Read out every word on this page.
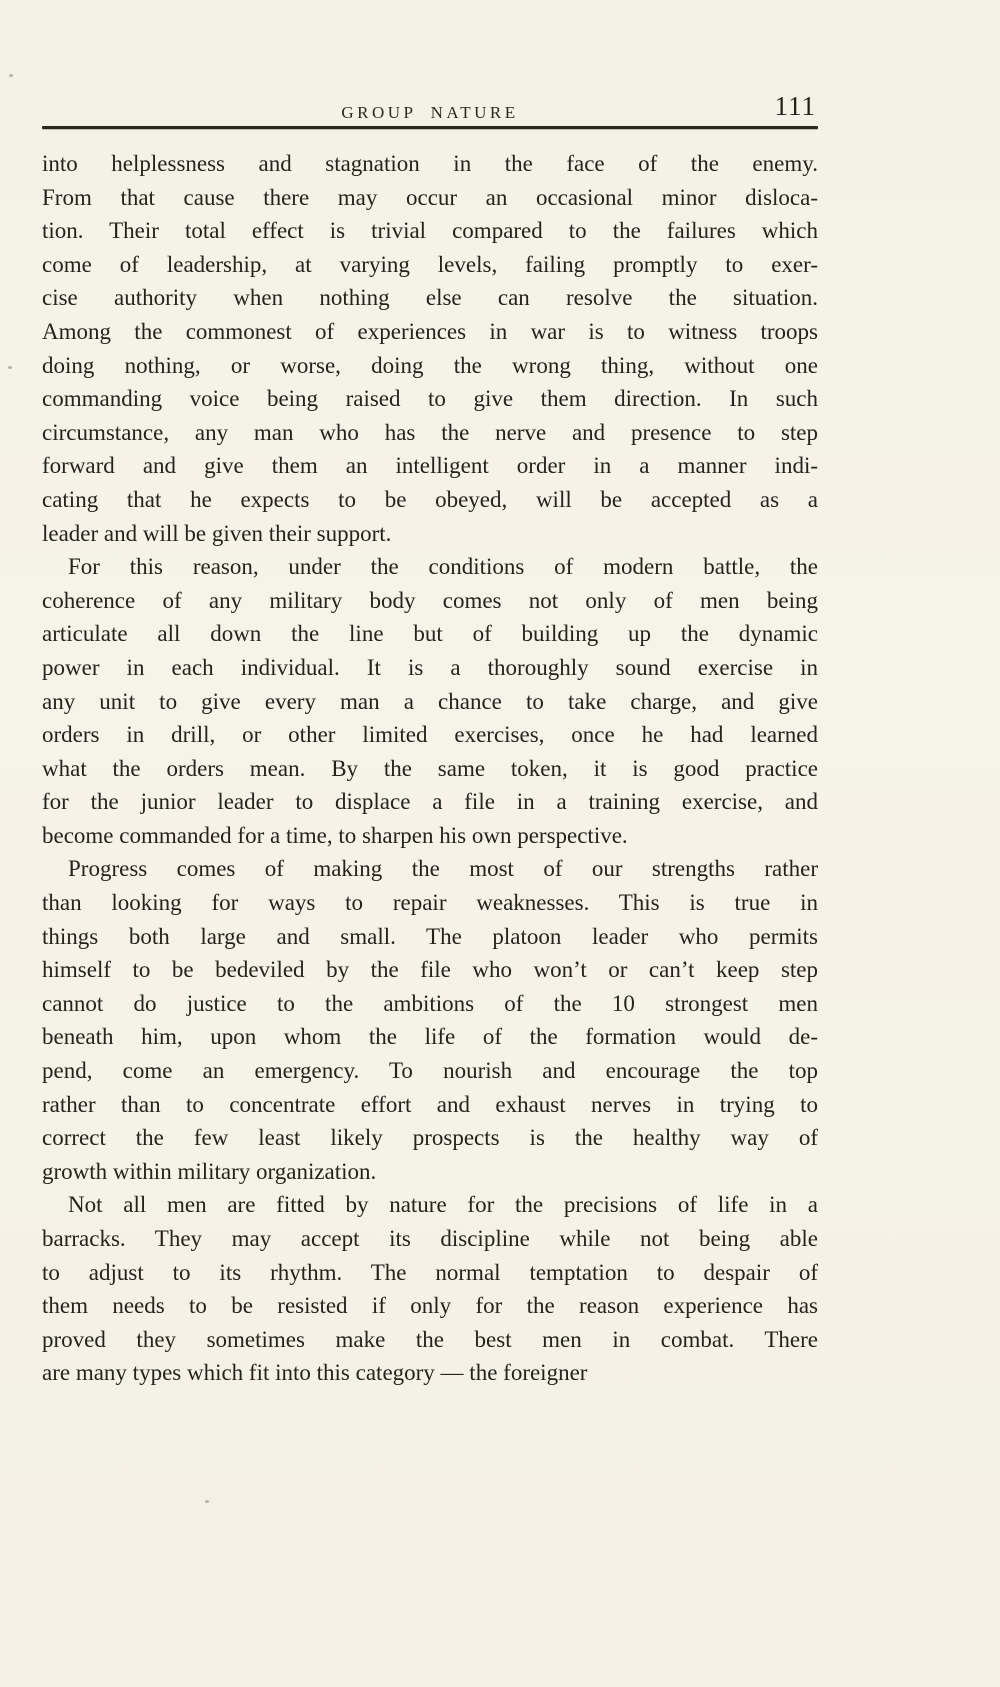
GROUP NATURE	111
into helplessness and stagnation in the face of the enemy.
From that cause there may occur an occasional minor disloca-
tion. Their total effect is trivial compared to the failures which
come of leadership, at varying levels, failing promptly to exer-
cise authority when nothing else can resolve the situation.
Among the commonest of experiences in war is to witness troops
doing nothing, or worse, doing the wrong thing, without one
commanding voice being raised to give them direction. In such
circumstance, any man who has the nerve and presence to step
forward and give them an intelligent order in a manner indi-
cating that he expects to be obeyed, will be accepted as a
leader and will be given their support.
For this reason, under the conditions of modern battle, the
coherence of any military body comes not only of men being
articulate all down the line but of building up the dynamic
power in each individual. It is a thoroughly sound exercise in
any unit to give every man a chance to take charge, and give
orders in drill, or other limited exercises, once he had learned
what the orders mean. By the same token, it is good practice
for the junior leader to displace a file in a training exercise, and
become commanded for a time, to sharpen his own perspective.
Progress comes of making the most of our strengths rather
than looking for ways to repair weaknesses. This is true in
things both large and small. The platoon leader who permits
himself to be bedeviled by the file who won’t or can’t keep step
cannot do justice to the ambitions of the 10 strongest men
beneath him, upon whom the life of the formation would de-
pend, come an emergency. To nourish and encourage the top
rather than to concentrate effort and exhaust nerves in trying to
correct the few least likely prospects is the healthy way of
growth within military organization.
Not all men are fitted by nature for the precisions of life in a
barracks. They may accept its discipline while not being able
to adjust to its rhythm. The normal temptation to despair of
them needs to be resisted if only for the reason experience has
proved they sometimes make the best men in combat. There
are many types which fit into this category — the foreigner
